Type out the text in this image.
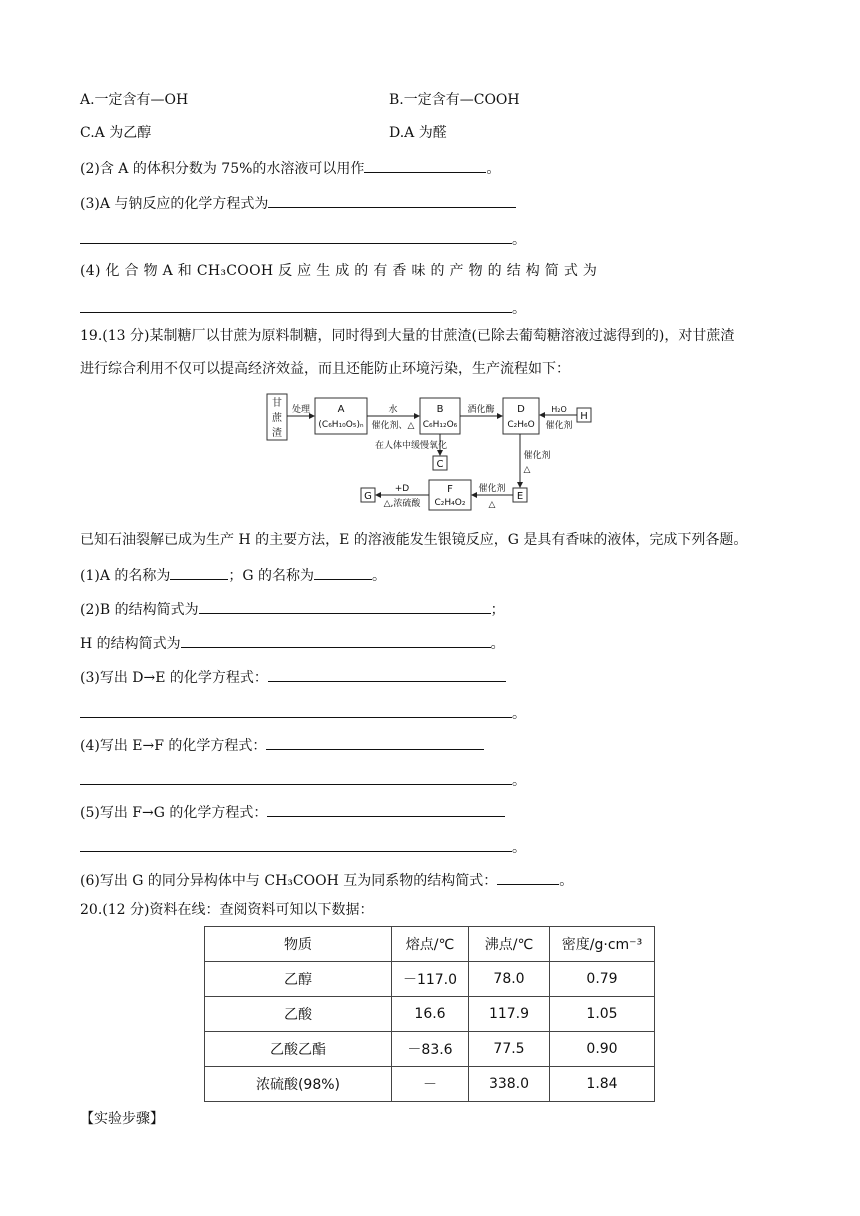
A.一定含有—OH	B.一定含有—COOH
C.A 为乙醇	D.A 为醛
(2)含 A 的体积分数为 75%的水溶液可以用作	。
(3)A 与钠反应的化学方程式为
。
(4) 化 合 物 A 和 CH₃COOH 反 应 生 成 的 有 香 味 的 产 物 的 结 构 简 式 为
。
19.(13 分)某制糖厂以甘蔗为原料制糖，同时得到大量的甘蔗渣(已除去葡萄糖溶液过滤得到的)，对甘蔗渣
进行综合利用不仅可以提高经济效益，而且还能防止环境污染，生产流程如下：
甘
蔗
渣
处理	A
(C₆H₁₀O₅)ₙ
水
催化剂、△
B
C₆H₁₂O₆
酒化酶 D
C₂H₆O
H₂O
催化剂
H
在人体中缓慢氧化
C
催化剂
△
E
F
C₂H₄O₂
催化剂
△
+D
△,浓硫酸
G
已知石油裂解已成为生产 H 的主要方法，E 的溶液能发生银镜反应，G 是具有香味的液体，完成下列各题。
(1)A 的名称为	；G 的名称为	。
(2)B 的结构简式为	；
H 的结构简式为	。
(3)写出 D→E 的化学方程式：
。
(4)写出 E→F 的化学方程式：
。
(5)写出 F→G 的化学方程式：
。
(6)写出 G 的同分异构体中与 CH₃COOH 互为同系物的结构简式：	。
20.(12 分)资料在线：查阅资料可知以下数据：
物质	熔点/℃	沸点/℃	密度/g·cm⁻³
乙醇	－117.0	78.0	0.79
乙酸	16.6	117.9	1.05
乙酸乙酯	－83.6	77.5	0.90
浓硫酸(98%)	－	338.0	1.84
【实验步骤】
